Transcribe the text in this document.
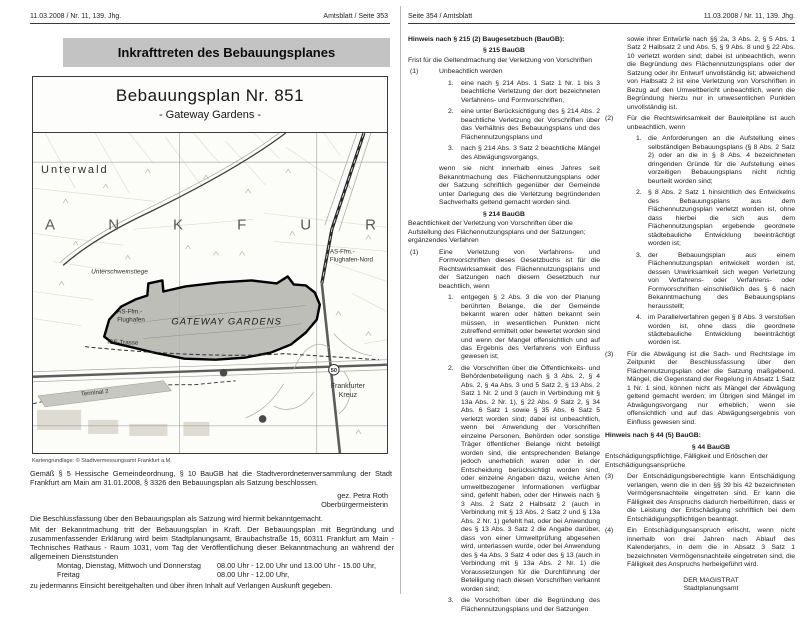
11.03.2008 / Nr. 11, 139. Jhg.	Amtsblatt / Seite 353
Inkrafttreten des Bebauungsplanes
Bebauungsplan Nr. 851
- Gateway Gardens -
50
Unterwald
A N K F U R
Unterschweinstiege
AS-Ffm.-
Flughafen-Nord
AS-Ffm.-
Flughafen	GATEWAY GARDENS
ICE-Trasse
Terminal 2
Frankfurter
Kreuz
Kartengrundlage: © Stadtvermessungsamt Frankfurt a.M.
Gemäß § 5 Hessische Gemeindeordnung, § 10 BauGB hat die Stadtverordnetenversammlung der Stadt Frankfurt am Main am 31.01.2008, § 3326 den Bebauungsplan als Satzung beschlossen.
gez. Petra Roth
Oberbürgermeisterin
Die Beschlussfassung über den Bebauungsplan als Satzung wird hiermit bekanntgemacht.
Mit der Bekanntmachung tritt der Bebauungsplan in Kraft. Der Bebauungsplan mit Begründung und zusammenfassender Erklärung wird beim Stadtplanungsamt, Braubachstraße 15, 60311 Frankfurt am Main - Technisches Rathaus - Raum 1031, vom Tag der Veröffentlichung dieser Bekanntmachung an während der allgemeinen Dienststunden
Montag, Dienstag, Mittwoch und Donnerstag	08.00 Uhr - 12.00 Uhr und 13.00 Uhr - 15.00 Uhr,
Freitag	08.00 Uhr - 12.00 Uhr,
zu jedermanns Einsicht bereitgehalten und über ihren Inhalt auf Verlangen Auskunft gegeben.
Seite 354 / Amtsblatt	11.03.2008 / Nr. 11, 139. Jhg.
Hinweis nach § 215 (2) Baugesetzbuch (BauGB):
§ 215 BauGB
Frist für die Geltendmachung der Verletzung von Vorschriften
(1)	Unbeachtlich werden
1. eine nach § 214 Abs. 1 Satz 1 Nr. 1 bis 3 beachtliche Verletzung der dort bezeichneten Verfahrens- und Formvorschriften,
2. eine unter Berücksichtigung des § 214 Abs. 2 beachtliche Verletzung der Vorschriften über das Verhältnis des Bebauungsplans und des Flächennutzungsplans und
3. nach § 214 Abs. 3 Satz 2 beachtliche Mängel des Abwägungsvorgangs,
wenn sie nicht innerhalb eines Jahres seit Bekanntmachung des Flächennutzungsplans oder der Satzung schriftlich gegenüber der Gemeinde unter Darlegung des die Verletzung begründenden Sachverhalts geltend gemacht worden sind.
§ 214 BauGB
Beachtlichkeit der Verletzung von Vorschriften über die Aufstellung des Flächennutzungsplans und der Satzungen; ergänzendes Verfahren
(1)	Eine Verletzung von Verfahrens- und Formvorschriften dieses Gesetzbuchs ist für die Rechtswirksamkeit des Flächennutzungsplans und der Satzungen nach diesem Gesetzbuch nur beachtlich, wenn
1. entgegen § 2 Abs. 3 die von der Planung berührten Belange, die der Gemeinde bekannt waren oder hätten bekannt sein müssen, in wesentlichen Punkten nicht zutreffend ermittelt oder bewertet worden sind und wenn der Mangel offensichtlich und auf das Ergebnis des Verfahrens von Einfluss gewesen ist;
2. die Vorschriften über die Öffentlichkeits- und Behördenbeteiligung nach § 3 Abs. 2, § 4 Abs. 2, § 4a Abs. 3 und 5 Satz 2, § 13 Abs. 2 Satz 1 Nr. 2 und 3 (auch in Verbindung mit § 13a Abs. 2 Nr. 1), § 22 Abs. 9 Satz 2, § 34 Abs. 6 Satz 1 sowie § 35 Abs. 6 Satz 5 verletzt worden sind; dabei ist unbeachtlich, wenn bei Anwendung der Vorschriften einzelne Personen, Behörden oder sonstige Träger öffentlicher Belange nicht beteiligt worden sind, die entsprechenden Belange jedoch unerheblich waren oder in der Entscheidung berücksichtigt worden sind, oder einzelne Angaben dazu, welche Arten umweltbezogener Informationen verfügbar sind, gefehlt haben, oder der Hinweis nach § 3 Abs. 2 Satz 2 Halbsatz 2 (auch in Verbindung mit § 13 Abs. 2 Satz 2 und § 13a Abs. 2 Nr. 1) gefehlt hat, oder bei Anwendung des § 13 Abs. 3 Satz 2 die Angabe darüber, dass von einer Umweltprüfung abgesehen wird, unterlassen wurde, oder bei Anwendung des § 4a Abs. 3 Satz 4 oder des § 13 (auch in Verbindung mit § 13a Abs. 2 Nr. 1) die Voraussetzungen für die Durchführung der Beteiligung nach diesen Vorschriften verkannt worden sind;
3. die Vorschriften über die Begründung des Flächennutzungsplans und der Satzungen
sowie ihrer Entwürfe nach §§ 2a, 3 Abs. 2, § 5 Abs. 1 Satz 2 Halbsatz 2 und Abs. 5, § 9 Abs. 8 und § 22 Abs. 10 verletzt worden sind; dabei ist unbeachtlich, wenn die Begründung des Flächennutzungsplans oder der Satzung oder ihr Entwurf unvollständig ist; abweichend von Halbsatz 2 ist eine Verletzung von Vorschriften in Bezug auf den Umweltbericht unbeachtlich, wenn die Begründung hierzu nur in unwesentlichen Punkten unvollständig ist.
(2) Für die Rechtswirksamkeit der Bauleitpläne ist auch unbeachtlich, wenn
1. die Anforderungen an die Aufstellung eines selbständigen Bebauungsplans (§ 8 Abs. 2 Satz 2) oder an die in § 8 Abs. 4 bezeichneten dringenden Gründe für die Aufstellung eines vorzeitigen Bebauungsplans nicht richtig beurteilt worden sind;
2. § 8 Abs. 2 Satz 1 hinsichtlich des Entwickelns des Bebauungsplans aus dem Flächennutzungsplan verletzt worden ist, ohne dass hierbei die sich aus dem Flächennutzungsplan ergebende geordnete städtebauliche Entwicklung beeinträchtigt worden ist;
3. der Bebauungsplan aus einem Flächennutzungsplan entwickelt worden ist, dessen Unwirksamkeit sich wegen Verletzung von Verfahrens- oder Verfahrens- oder Formvorschriften einschließlich des § 6 nach Bekanntmachung des Bebauungsplans herausstellt;
4. im Parallelverfahren gegen § 8 Abs. 3 verstoßen worden ist, ohne dass die geordnete städtebauliche Entwicklung beeinträchtigt worden ist.
(3) Für die Abwägung ist die Sach- und Rechtslage im Zeitpunkt der Beschlussfassung über den Flächennutzungsplan oder die Satzung maßgebend. Mängel, die Gegenstand der Regelung in Absatz 1 Satz 1 Nr. 1 sind, können nicht als Mängel der Abwägung geltend gemacht werden; im Übrigen sind Mängel im Abwägungsvorgang nur erheblich, wenn sie offensichtlich und auf das Abwägungsergebnis von Einfluss gewesen sind.
Hinweis nach § 44 (5) BauGB:
§ 44 BauGB
Entschädigungspflichtige, Fälligkeit und Erlöschen der Entschädigungsansprüche
(3) Der Entschädigungsberechtigte kann Entschädigung verlangen, wenn die in den §§ 39 bis 42 bezeichneten Vermögensnachteile eingetreten sind. Er kann die Fälligkeit des Anspruchs dadurch herbeiführen, dass er die Leistung der Entschädigung schriftlich bei dem Entschädigungspflichtigen beantragt.
(4) Ein Entschädigungsanspruch erlischt, wenn nicht innerhalb von drei Jahren nach Ablauf des Kalenderjahrs, in dem die in Absatz 3 Satz 1 bezeichneten Vermögensnachteile eingetreten sind, die Fälligkeit des Anspruchs herbeigeführt wird.
DER MAGISTRAT
Stadtplanungsamt
